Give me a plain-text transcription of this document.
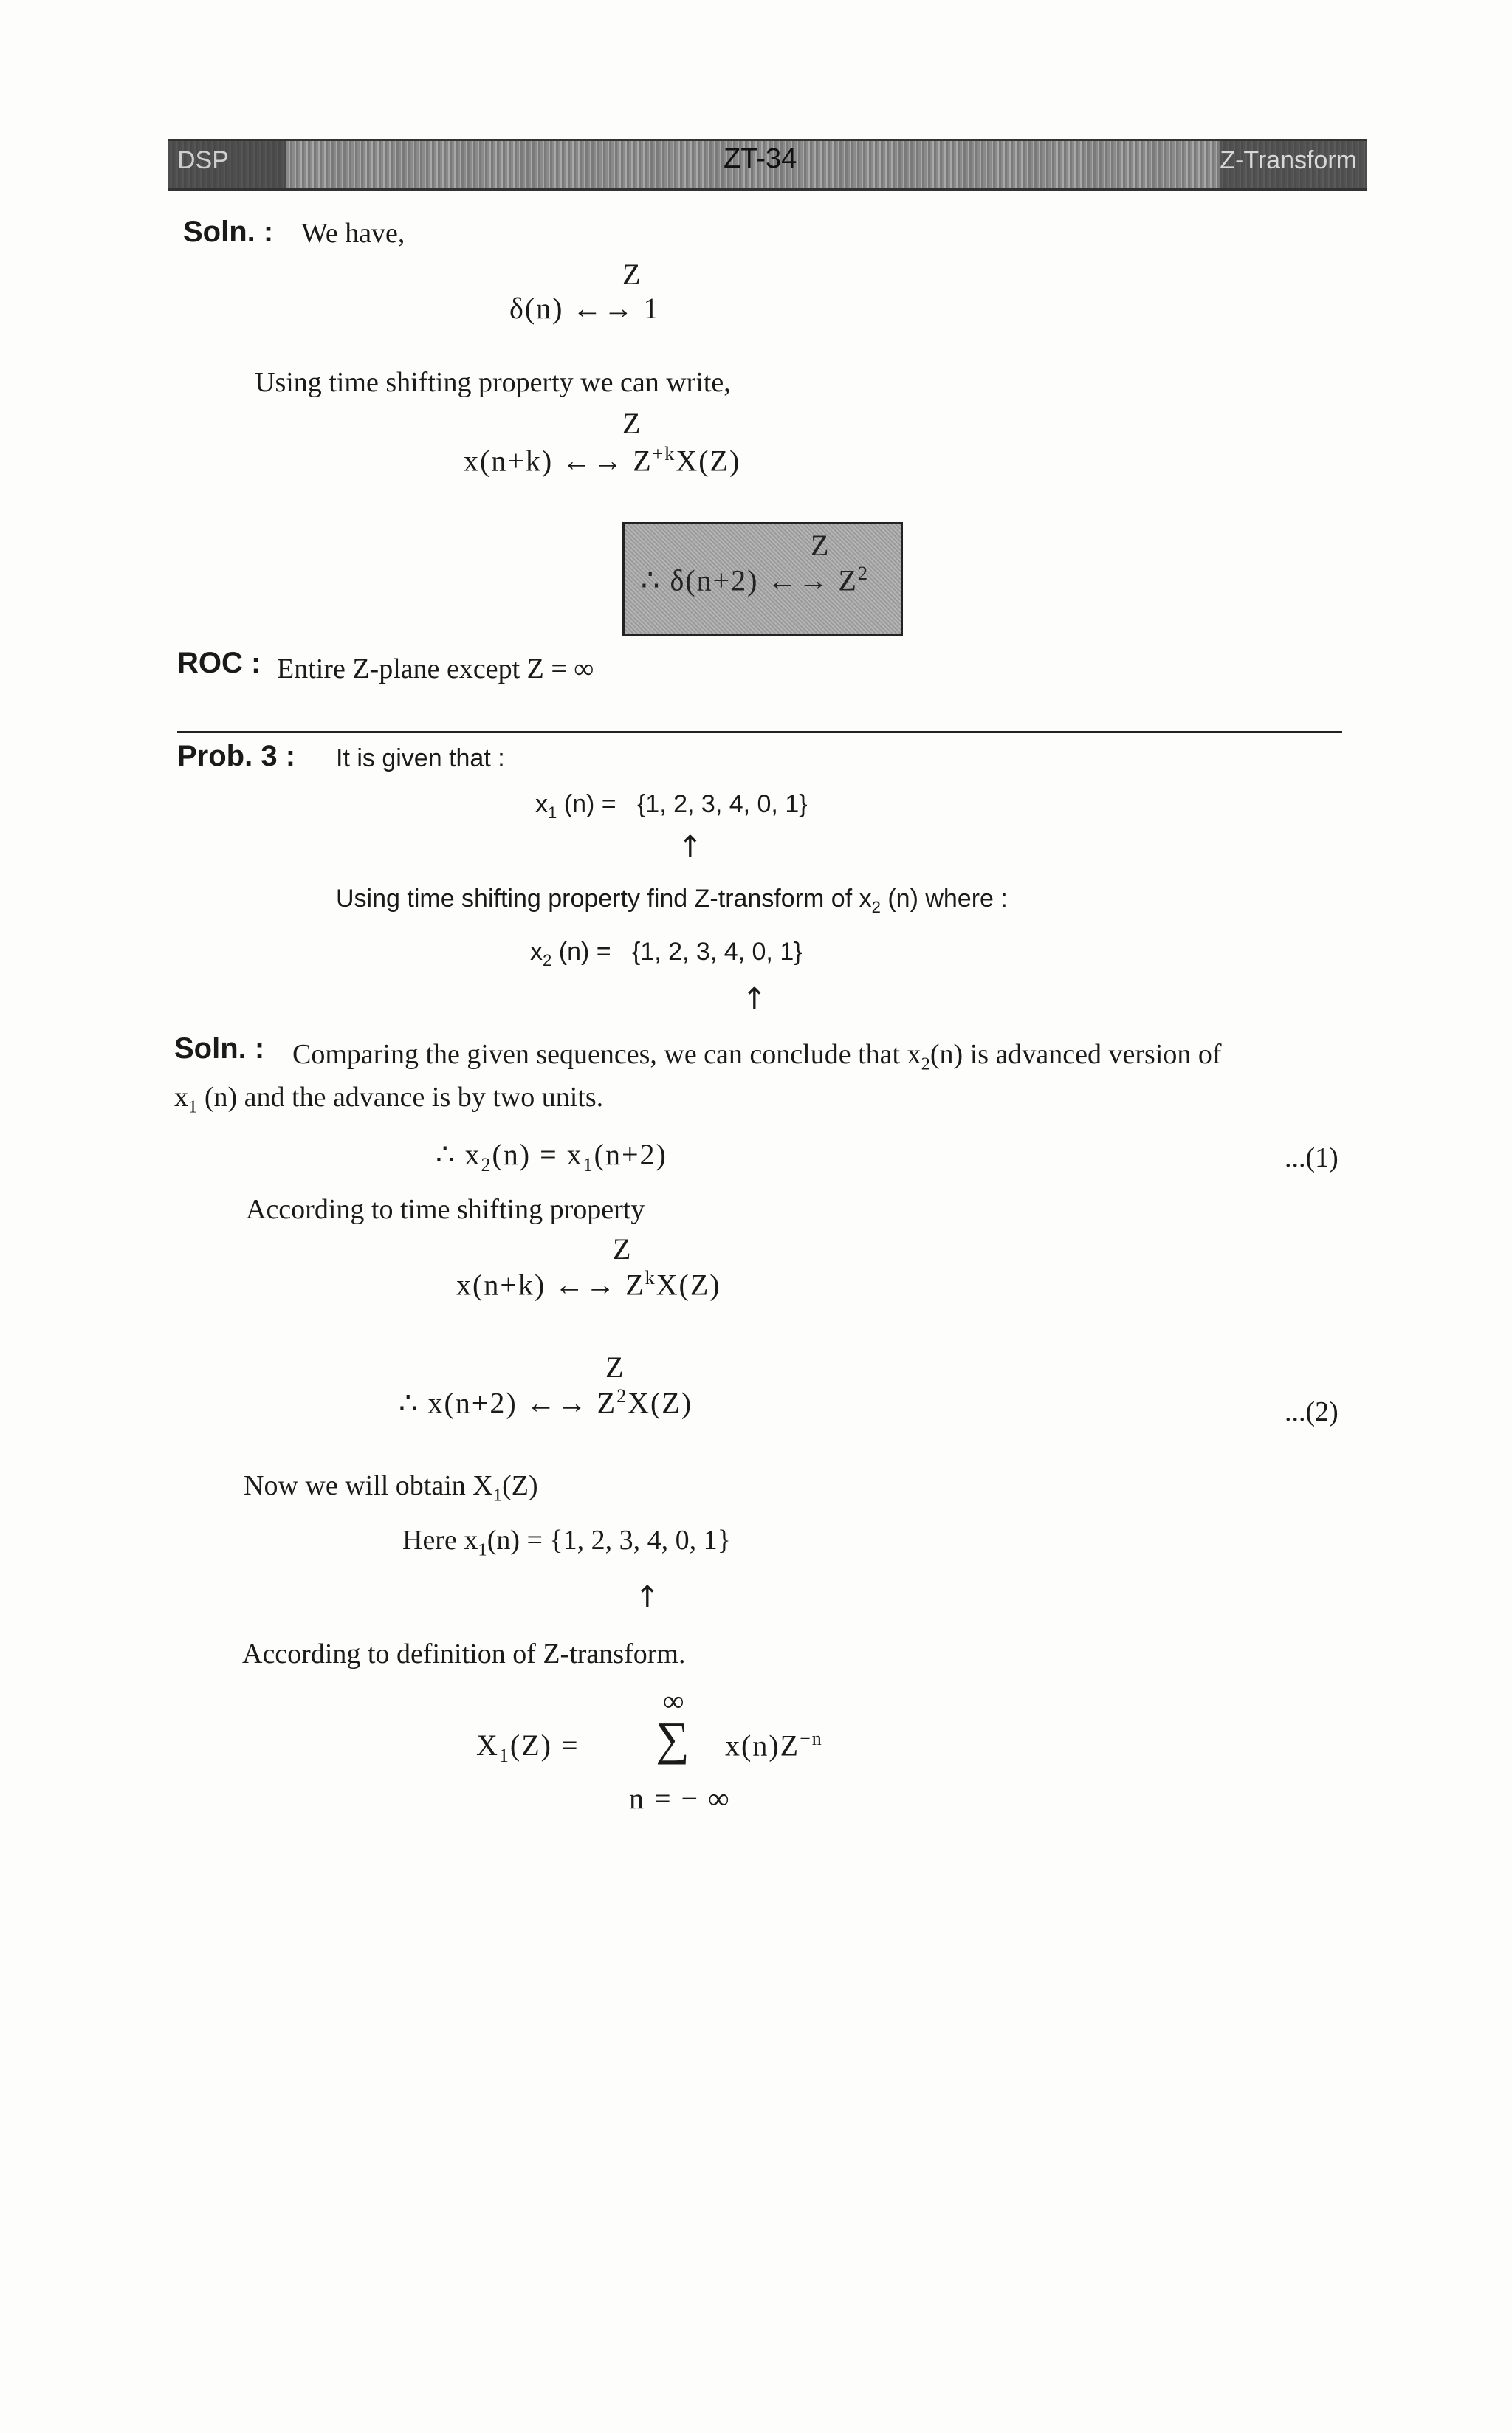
DSP	ZT-34	Z-Transform
Soln. : We have,
Z
δ(n) ←→ 1
Using time shifting property we can write,
Z
x(n+k) ←→ $Z^{+k}X(Z)$
Z
∴ δ(n+2) ←→ $Z^2$
ROC : Entire Z-plane except Z = ∞
Prob. 3 : It is given that :
$x_1$ (n) = {1, 2, 3, 4, 0, 1}
↑
Using time shifting property find Z-transform of $x_2$ (n) where :
$x_2$ (n) = {1, 2, 3, 4, 0, 1}
↑
Soln. : Comparing the given sequences, we can conclude that $x_2(n)$ is advanced version of
$x_1$ (n) and the advance is by two units.
∴ $x_2(n) = x_1(n+2)$	...(1)
According to time shifting property
Z
x(n+k) ←→ $Z^kX(Z)$
Z
∴ x(n+2) ←→ $Z^2X(Z)$	...(2)
Now we will obtain $X_1(Z)$
Here $x_1(n) = \{1$, 2, 3, 4, 0, 1}
↑
According to definition of Z-transform.
∞
$X_1(Z)$ = ∑ $x(n)Z^{-n}$
n = − ∞
